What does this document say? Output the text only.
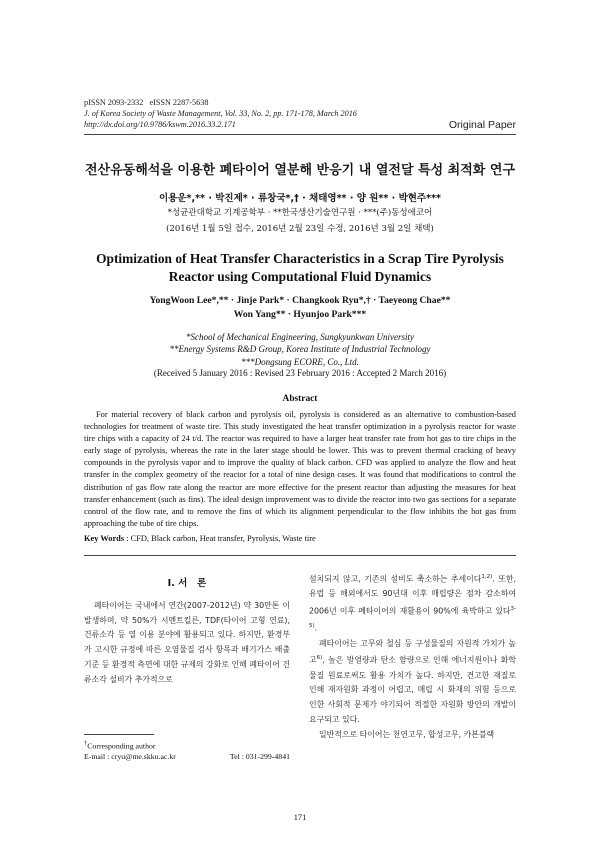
pISSN 2093-2332   eISSN 2287-5638
J. of Korea Society of Waste Management, Vol. 33, No. 2, pp. 171-178, March 2016
http://dx.doi.org/10.9786/kswm.2016.33.2.171	Original Paper
전산유동해석을 이용한 폐타이어 열분해 반응기 내 열전달 특성 최적화 연구
이용운*,** · 박진제* · 류창국*,† · 채태영** · 양 원** · 박현주***
*성균관대학교 기계공학부 · **한국생산기술연구원 · ***(주)동성에코어
(2016년 1월 5일 접수, 2016년 2월 23일 수정, 2016년 3월 2일 채택)
Optimization of Heat Transfer Characteristics in a Scrap Tire Pyrolysis
Reactor using Computational Fluid Dynamics
YongWoon Lee*,** · Jinje Park* · Changkook Ryu*,† · Taeyeong Chae**
Won Yang** · Hyunjoo Park***
*School of Mechanical Engineering, Sungkyunkwan University
**Energy Systems R&D Group, Korea Institute of Industrial Technology
***Dongsung ECORE, Co., Ltd.
(Received 5 January 2016 : Revised 23 February 2016 : Accepted 2 March 2016)
Abstract

For material recovery of black carbon and pyrolysis oil, pyrolysis is considered as an alternative to combustion-based technologies for treatment of waste tire. This study investigated the heat transfer optimization in a pyrolysis reactor for waste tire chips with a capacity of 24 t/d. The reactor was required to have a larger heat transfer rate from hot gas to tire chips in the early stage of pyrolysis, whereas the rate in the later stage should be lower. This was to prevent thermal cracking of heavy compounds in the pyrolysis vapor and to improve the quality of black carbon. CFD was applied to analyze the flow and heat transfer in the complex geometry of the reactor for a total of nine design cases. It was found that modifications to control the distribution of gas flow rate along the reactor are more effective for the present reactor than adjusting the measures for heat transfer enhancement (such as fins). The ideal design improvement was to divide the reactor into two gas sections for a separate control of the flow rate, and to remove the fins of which its alignment perpendicular to the flow inhibits the hot gas from approaching the tube of tire chips.

Key Words : CFD, Black carbon, Heat transfer, Pyrolysis, Waste tire
I. 서   론

폐타이어는 국내에서 연간(2007-2012년) 약 30만톤 이 발생하며, 약 50%가 시멘트킬른, TDF(타이어 고형 연료), 건류소각 등 열 이용 분야에 활용되고 있다. 하지만, 환경부가 고시한 규정에 따른 오염물질 검사 항목과 배기가스 배출 기준 등 환경적 측면에 대한 규제의 강화로 인해 폐타이어 건류소각 설비가 추가적으로

†Corresponding author
E-mail : cryu@me.skku.ac.kr	Tel : 031-299-4841

설치되지 않고, 기존의 설비도 축소하는 추세이다$^{1,2)}$. 또한, 유럽 등 해외에서도 90년대 이후 매립량은 점차 감소하여 2006년 이후 폐타이어의 재활용이 90%에 육박하고 있다$^{3-5)}$.

폐타이어는 고무와 철심 등 구성물질의 자원적 가치가 높고$^{6)}$, 높은 발열량과 탄소 함량으로 인해 에너지원이나 화학물질 원료로써도 활용 가치가 높다. 하지만, 견고한 재질로 인해 재자원화 과정이 어렵고, 매립 시 화재의 위험 등으로 인한 사회적 문제가 야기되어 적절한 자원화 방안의 개발이 요구되고 있다.

일반적으로 타이어는 천연고무, 합성고무, 카본블랙

171
